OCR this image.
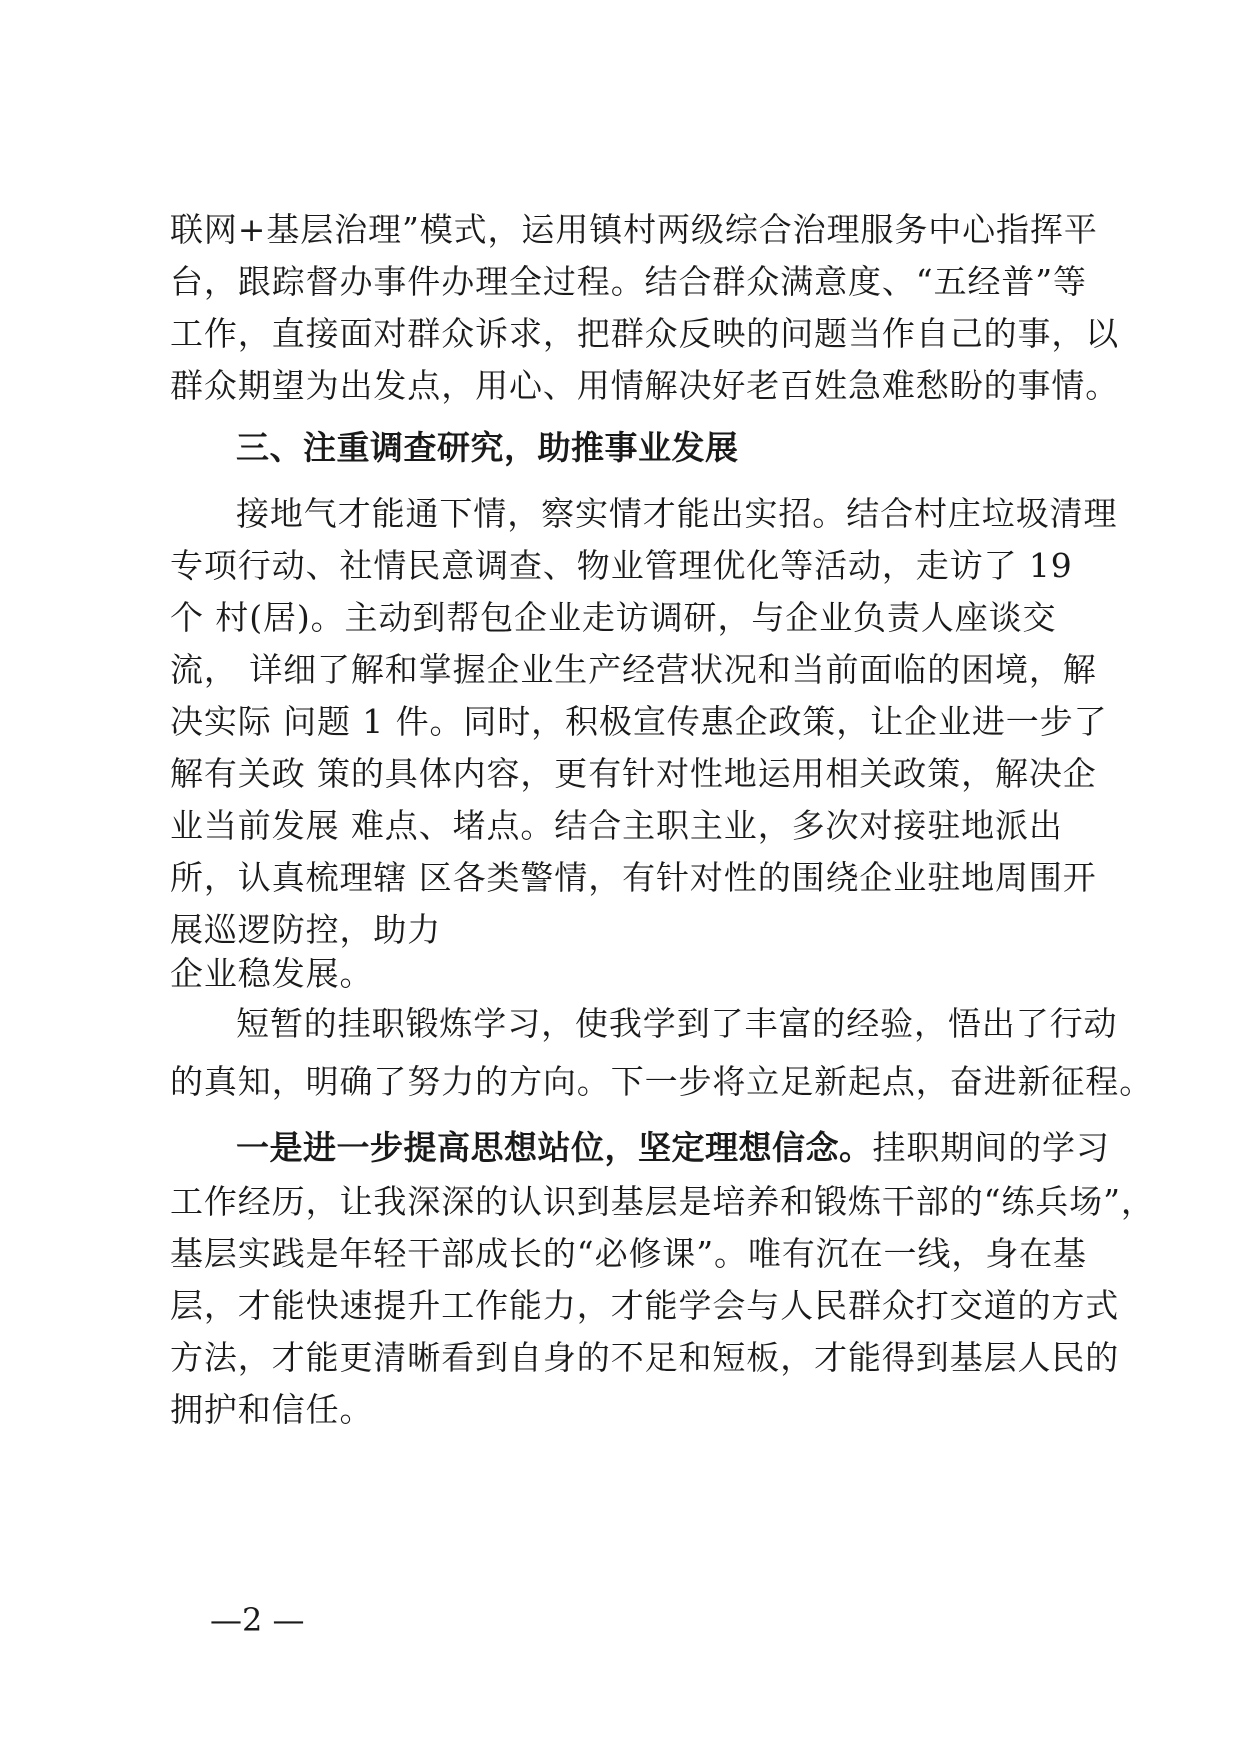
联网+基层治理”模式，运用镇村两级综合治理服务中心指挥平
台，跟踪督办事件办理全过程。结合群众满意度、“五经普”等
工作，直接面对群众诉求，把群众反映的问题当作自己的事，以
群众期望为出发点，用心、用情解决好老百姓急难愁盼的事情。
三、注重调查研究，助推事业发展
接地气才能通下情，察实情才能出实招。结合村庄垃圾清理
专项行动、社情民意调查、物业管理优化等活动，走访了 19
个 村(居)。主动到帮包企业走访调研，与企业负责人座谈交
流， 详细了解和掌握企业生产经营状况和当前面临的困境，解
决实际 问题 1 件。同时，积极宣传惠企政策，让企业进一步了
解有关政 策的具体内容，更有针对性地运用相关政策，解决企
业当前发展 难点、堵点。结合主职主业，多次对接驻地派出
所，认真梳理辖 区各类警情，有针对性的围绕企业驻地周围开
展巡逻防控，助力
企业稳发展。
短暂的挂职锻炼学习，使我学到了丰富的经验，悟出了行动
的真知，明确了努力的方向。下一步将立足新起点，奋进新征程。
一是进一步提高思想站位，坚定理想信念。挂职期间的学习
工作经历，让我深深的认识到基层是培养和锻炼干部的“练兵场”，
基层实践是年轻干部成长的“必修课”。唯有沉在一线，身在基
层，才能快速提升工作能力，才能学会与人民群众打交道的方式
方法，才能更清晰看到自身的不足和短板，才能得到基层人民的
拥护和信任。
—2 —
